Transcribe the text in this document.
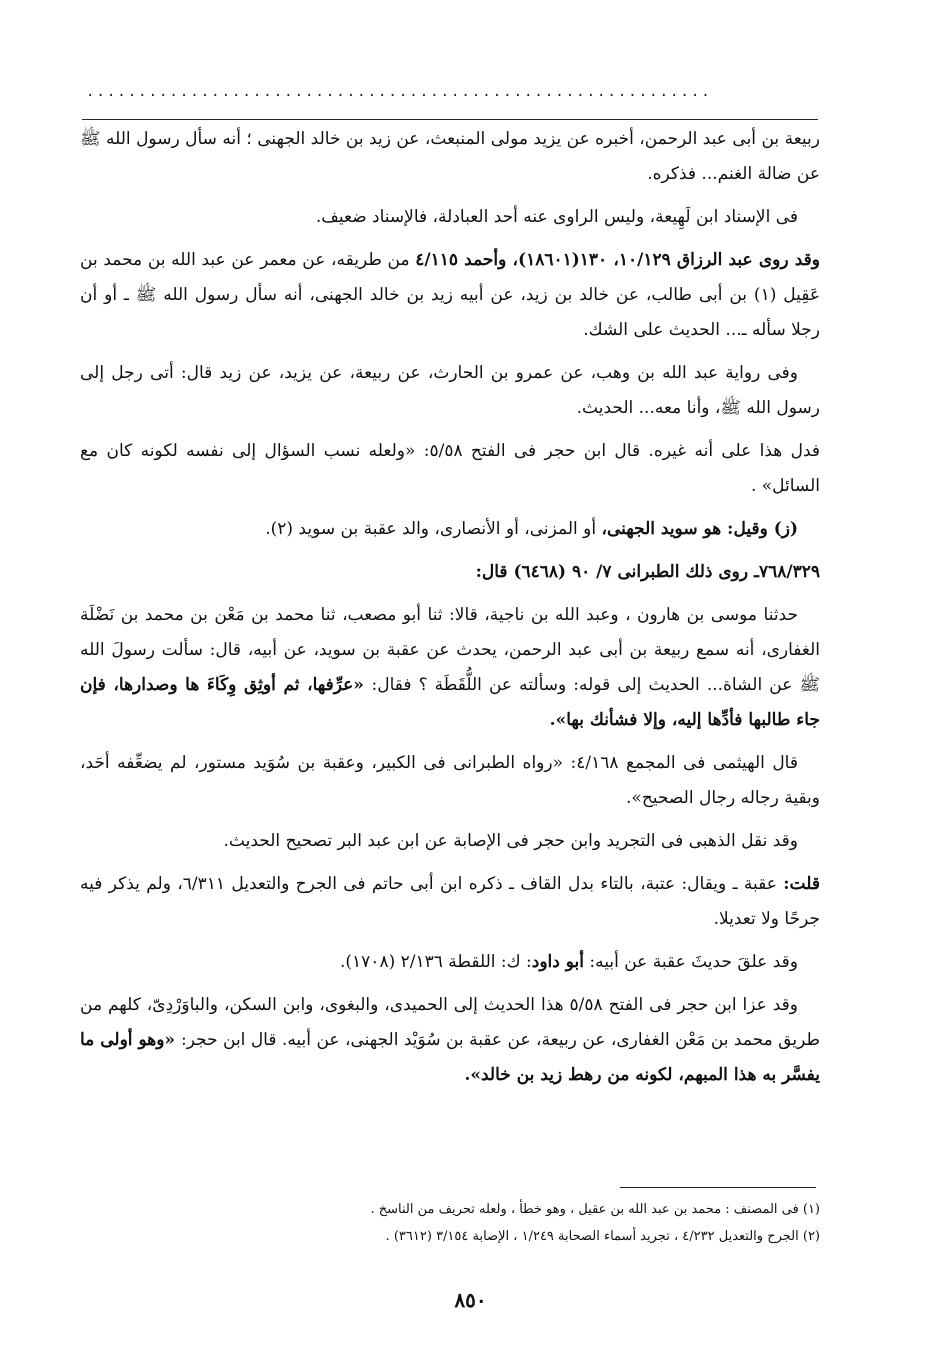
............................................................

ربيعة بن أبى عبد الرحمن، أخبره عن يزيد مولى المنبعث، عن زيد بن خالد الجهنى ؛ أنه سأل رسول الله ﷺ عن ضالة الغنم... فذكره.

فى الإسناد ابن لَهِيعة، وليس الراوى عنه أحد العبادلة، فالإسناد ضعيف.

وقد روى عبد الرزاق ١٠/١٢٩، ١٣٠(١٨٦٠١)، وأحمد ٤/١١٥ من طريقه، عن معمر عن عبد الله بن محمد بن عَقِيل (١) بن أبى طالب، عن خالد بن زيد، عن أبيه زيد بن خالد الجهنى، أنه سأل رسول الله ﷺ ـ أو أن رجلا سأله ـ... الحديث على الشك.

وفى رواية عبد الله بن وهب، عن عمرو بن الحارث، عن ربيعة، عن يزيد، عن زيد قال: أتى رجل إلى رسول الله ﷺ، وأنا معه... الحديث.

فدل هذا على أنه غيره. قال ابن حجر فى الفتح ٥/٥٨: «ولعله نسب السؤال إلى نفسه لكونه كان مع السائل» .

(ز) وقيل: هو سويد الجهنى، أو المزنى، أو الأنصارى، والد عقبة بن سويد (٢).

٧٦٨/٣٢٩ـ روى ذلك الطبرانى ٧/ ٩٠ (٦٤٦٨) قال:

حدثنا موسى بن هارون ، وعبد الله بن ناجية، قالا: ثنا أبو مصعب، ثنا محمد بن مَعْن بن محمد بن نَضْلَة الغفارى، أنه سمع ربيعة بن أبى عبد الرحمن، يحدث عن عقبة بن سويد، عن أبيه، قال: سألت رسولَ الله ﷺ عن الشاة... الحديث إلى قوله: وسألته عن اللُّقَطَة ؟ فقال: «عرِّفها، ثم أوثِق وِكَاءَ ها وصدارها، فإن جاء طالبها فأدِّها إليه، وإلا فشأنك بها».

قال الهيثمى فى المجمع ٤/١٦٨: «رواه الطبرانى فى الكبير، وعقبة بن سُوَيد مستور، لم يضعِّفه أحَد، وبقية رجاله رجال الصحيح».

وقد نقل الذهبى فى التجريد وابن حجر فى الإصابة عن ابن عبد البر تصحيح الحديث.

قلت: عقبة ـ ويقال: عتبة، بالتاء بدل القاف ـ ذكره ابن أبى حاتم فى الجرح والتعديل ٦/٣١١، ولم يذكر فيه جرحًا ولا تعديلا.

وقد علقَ حديثَ عقبة عن أبيه: أبو داود: ك: اللقطة ٢/١٣٦ (١٧٠٨).

وقد عزا ابن حجر فى الفتح ٥/٥٨ هذا الحديث إلى الحميدى، والبغوى، وابن السكن، والباوَرْدِىّ، كلهم من طريق محمد بن مَعْن الغفارى، عن ربيعة، عن عقبة بن سُوَيْد الجهنى، عن أبيه. قال ابن حجر: «وهو أولى ما يفسَّر به هذا المبهم، لكونه من رهط زيد بن خالد».

(١) فى المصنف : محمد بن عبد الله بن عقيل ، وهو خطأ ، ولعله تحريف من الناسخ .

(٢) الجرح والتعديل ٤/٢٣٢ ، تجريد أسماء الصحابة ١/٢٤٩ ، الإصابة ٣/١٥٤ (٣٦١٢) .

٨٥٠
